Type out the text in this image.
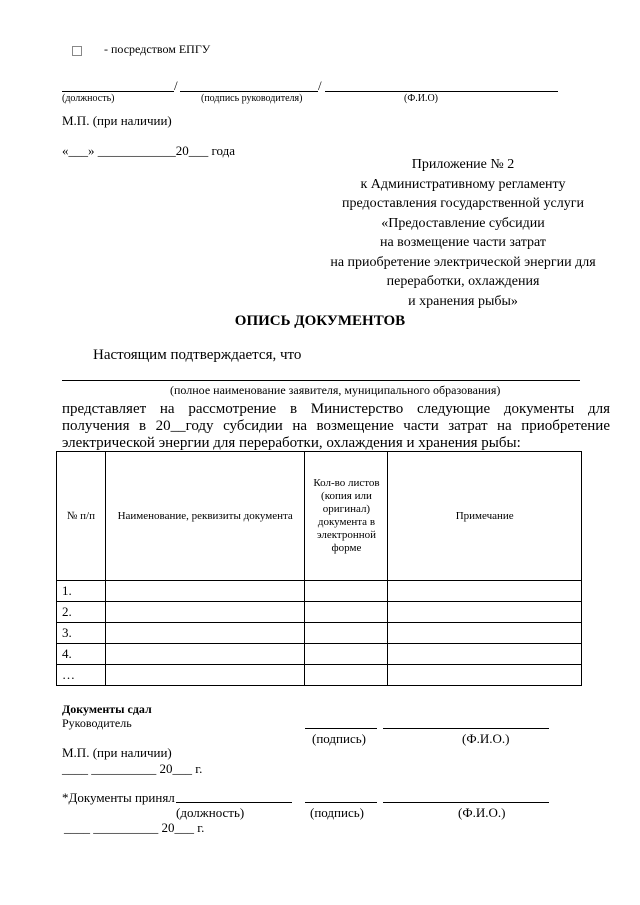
- посредством ЕПГУ
/	/
(должность)	(подпись руководителя)	(Ф.И.О)
М.П. (при наличии)
«___» ____________20___ года
Приложение № 2
к Административному регламенту
предоставления государственной услуги
«Предоставление субсидии
на возмещение части затрат
на приобретение электрической энергии для
переработки, охлаждения
и хранения рыбы»
ОПИСЬ ДОКУМЕНТОВ
Настоящим подтверждается, что
(полное наименование заявителя, муниципального образования)
представляет на рассмотрение в Министерство следующие документы для получения в 20__году субсидии на возмещение части затрат на приобретение электрической энергии для переработки, охлаждения и хранения рыбы:
№ п/п	Наименование, реквизиты документа	Кол-во листов (копия или оригинал) документа в электронной форме	Примечание
1.			
2.			
3.			
4.			
…			
Документы сдал
Руководитель
(подпись)	(Ф.И.О.)
М.П. (при наличии)
____ __________ 20___ г.
*Документы принял
(должность)	(подпись)	(Ф.И.О.)
____ __________ 20___ г.
